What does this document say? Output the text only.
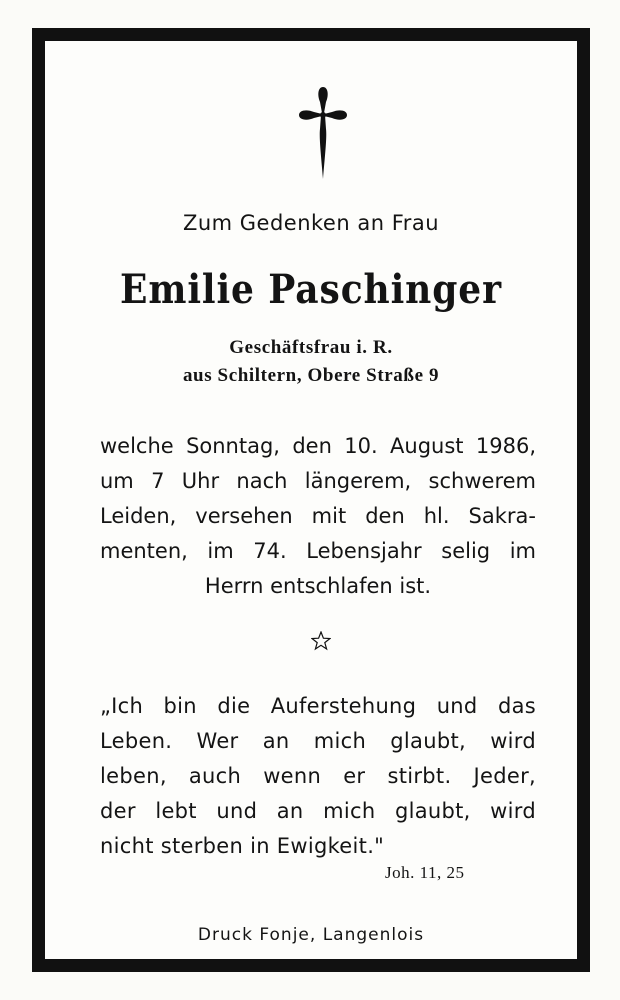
Zum Gedenken an Frau
Emilie Paschinger
Geschäftsfrau i. R.
aus Schiltern, Obere Straße 9
welche Sonntag, den 10. August 1986,
um 7 Uhr nach längerem, schwerem
Leiden, versehen mit den hl. Sakra-
menten, im 74. Lebensjahr selig im
Herrn entschlafen ist.
„Ich bin die Auferstehung und das
Leben. Wer an mich glaubt, wird
leben, auch wenn er stirbt. Jeder,
der lebt und an mich glaubt, wird
nicht sterben in Ewigkeit."
Joh. 11, 25
Druck Fonje, Langenlois
